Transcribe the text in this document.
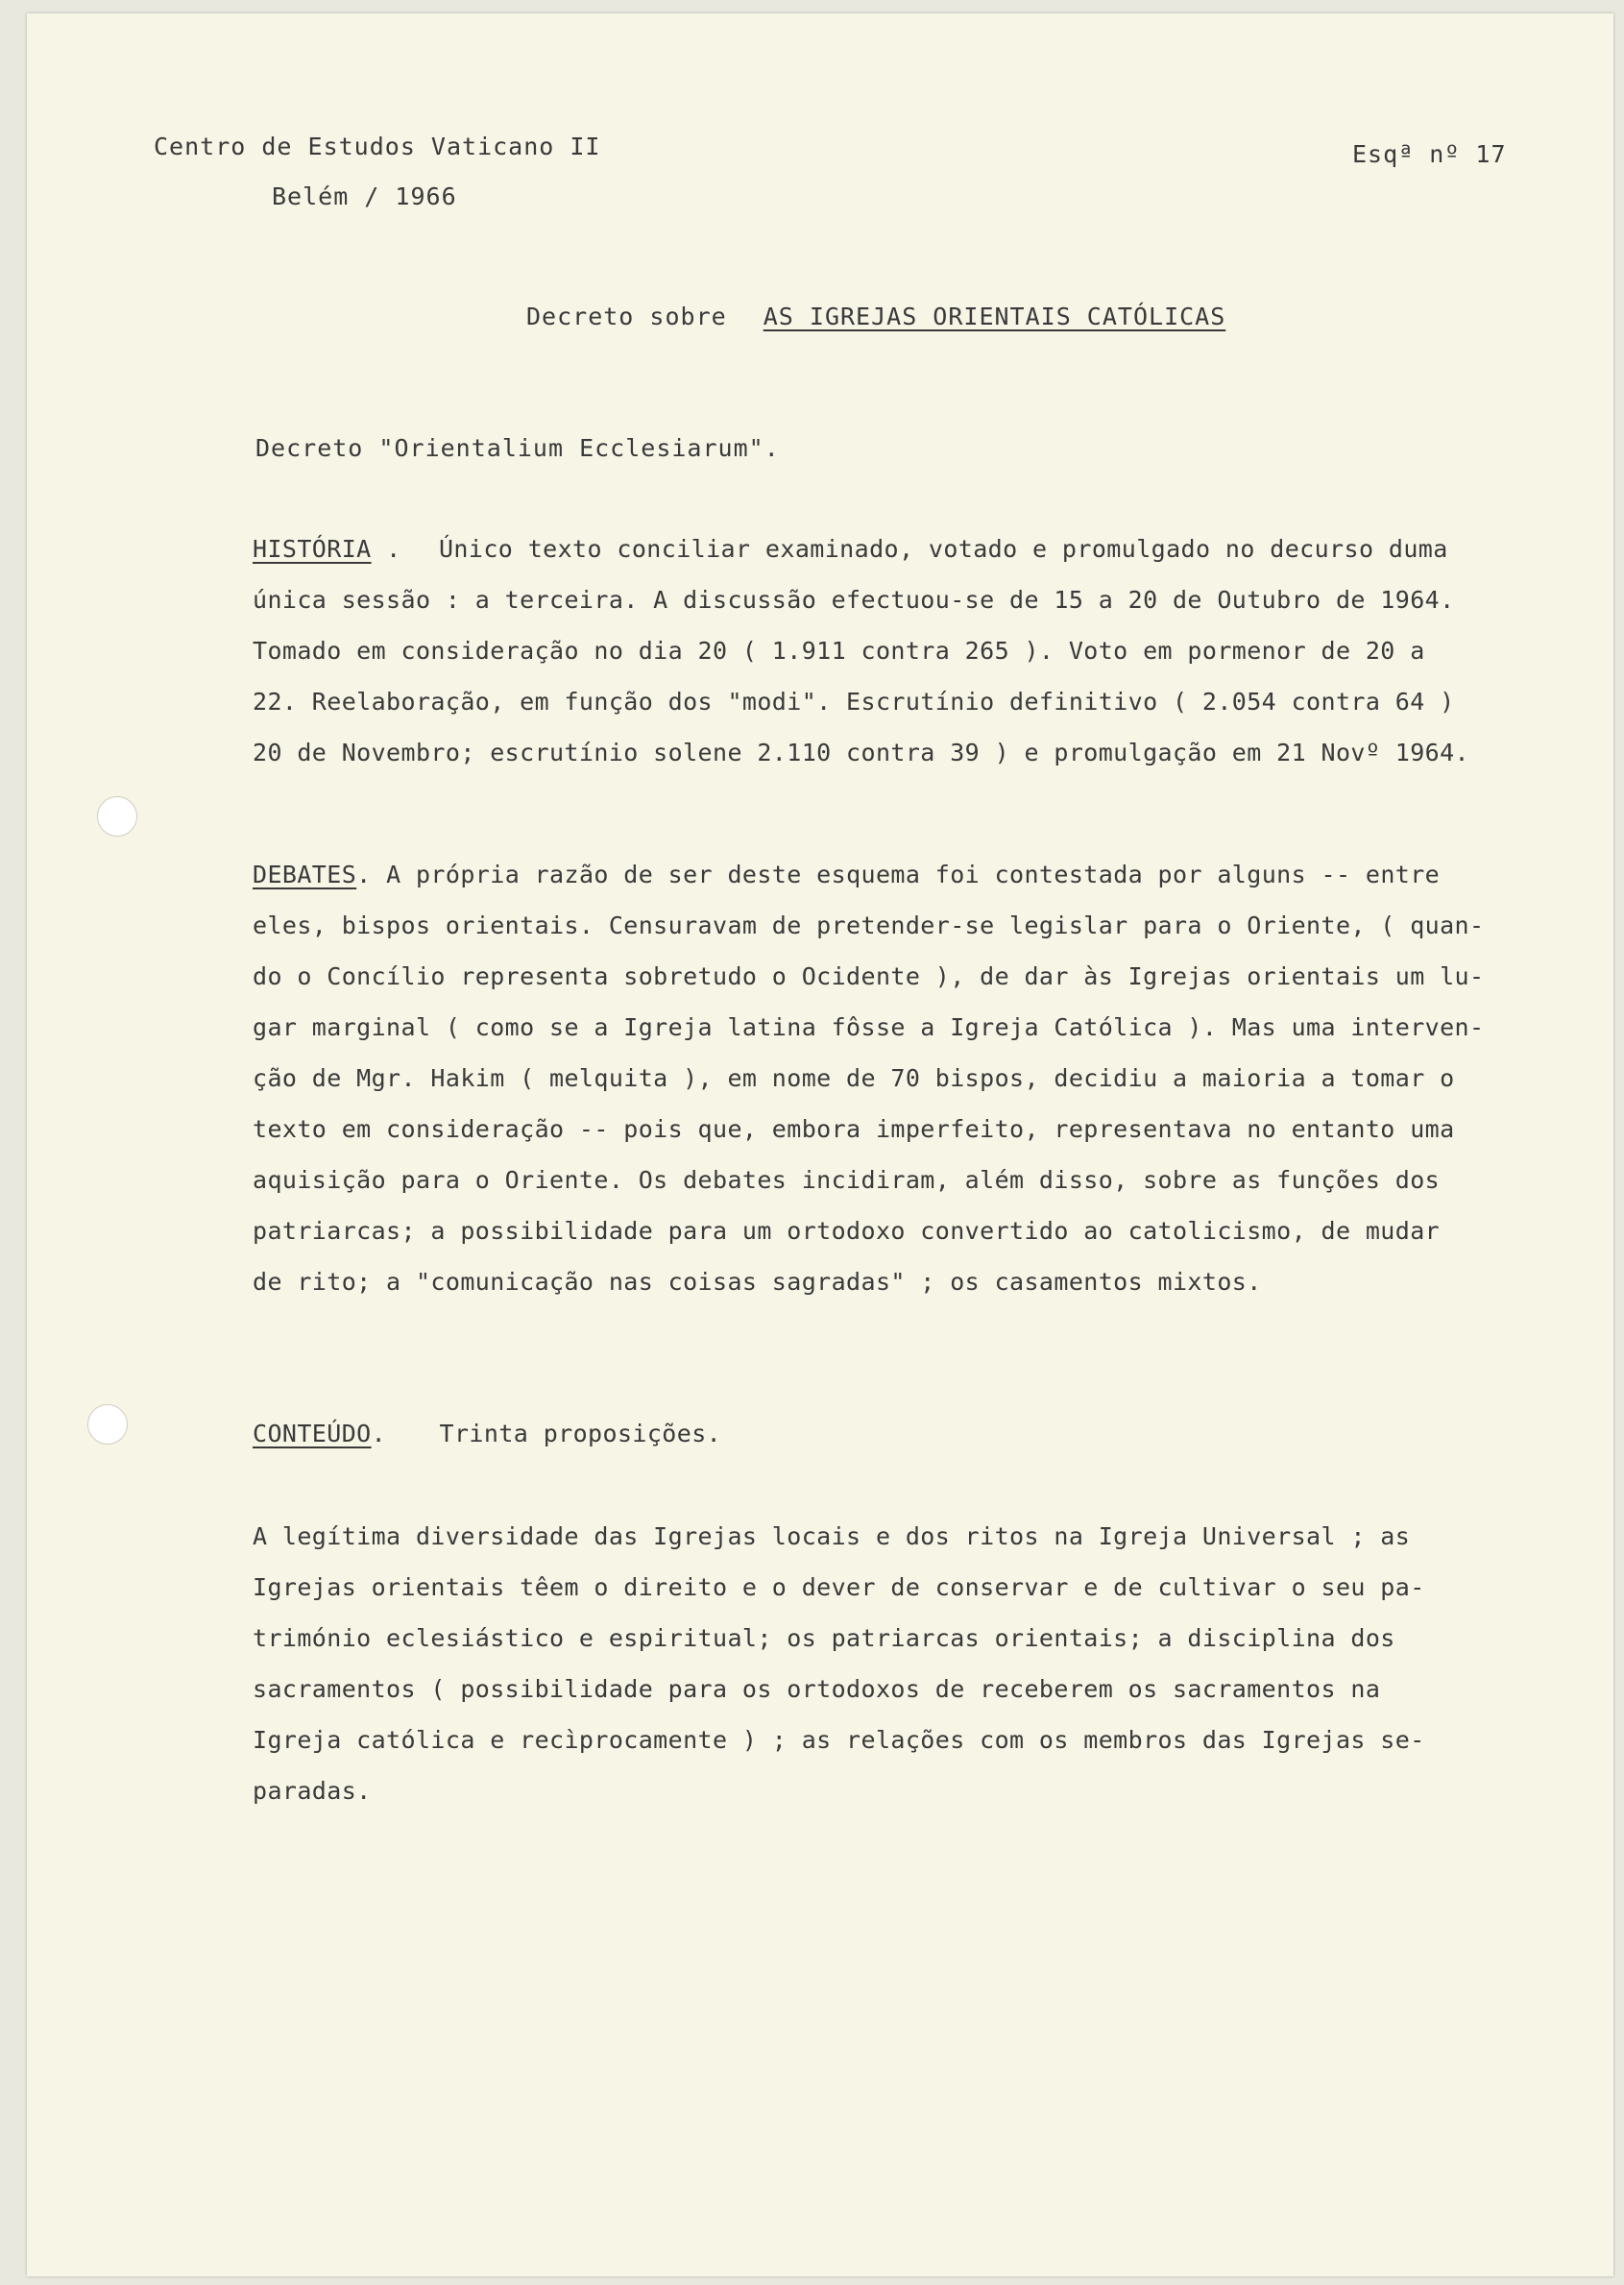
Centro de Estudos Vaticano II
Belém / 1966
Esqª nº 17
Decreto sobre AS IGREJAS ORIENTAIS CATÓLICAS
Decreto "Orientalium Ecclesiarum".
HISTÓRIA . Único texto conciliar examinado, votado e promulgado no decurso duma
única sessão : a terceira. A discussão efectuou-se de 15 a 20 de Outubro de 1964.
Tomado em consideração no dia 20 ( 1.911 contra 265 ). Voto em pormenor de 20 a
22. Reelaboração, em função dos "modi". Escrutínio definitivo ( 2.054 contra 64 )
20 de Novembro; escrutínio solene 2.110 contra 39 ) e promulgação em 21 Novº 1964.
DEBATES. A própria razão de ser deste esquema foi contestada por alguns -- entre
eles, bispos orientais. Censuravam de pretender-se legislar para o Oriente, ( quan-
do o Concílio representa sobretudo o Ocidente ), de dar às Igrejas orientais um lu-
gar marginal ( como se a Igreja latina fôsse a Igreja Católica ). Mas uma interven-
ção de Mgr. Hakim ( melquita ), em nome de 70 bispos, decidiu a maioria a tomar o
texto em consideração -- pois que, embora imperfeito, representava no entanto uma
aquisição para o Oriente. Os debates incidiram, além disso, sobre as funções dos
patriarcas; a possibilidade para um ortodoxo convertido ao catolicismo, de mudar
de rito; a "comunicação nas coisas sagradas" ; os casamentos mixtos.
CONTEÚDO. Trinta proposições.
A legítima diversidade das Igrejas locais e dos ritos na Igreja Universal ; as
Igrejas orientais têem o direito e o dever de conservar e de cultivar o seu pa-
trimónio eclesiástico e espiritual; os patriarcas orientais; a disciplina dos
sacramentos ( possibilidade para os ortodoxos de receberem os sacramentos na
Igreja católica e recìprocamente ) ; as relações com os membros das Igrejas se-
paradas.
